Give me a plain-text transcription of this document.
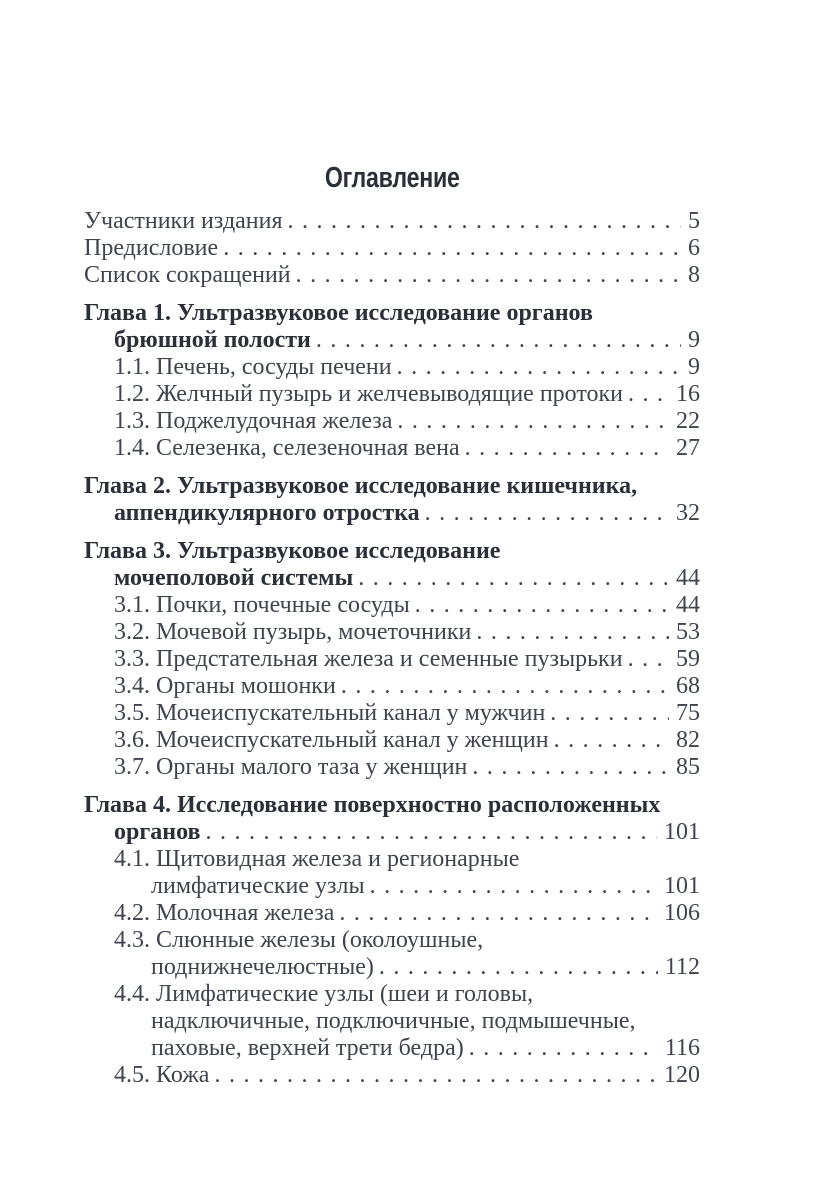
Оглавление
Участники издания . . .	5
Предисловие . . .	6
Список сокращений . . .	8
Глава 1. Ультразвуковое исследование органов
брюшной полости . . .	9
1.1. Печень, сосуды печени . . .	9
1.2. Желчный пузырь и желчевыводящие протоки . . . 16
1.3. Поджелудочная железа . . .	22
1.4. Селезенка, селезеночная вена . . .	27
Глава 2. Ультразвуковое исследование кишечника,
аппендикулярного отростка . . .	32
Глава 3. Ультразвуковое исследование
мочеполовой системы . . .	44
3.1. Почки, почечные сосуды . . .	44
3.2. Мочевой пузырь, мочеточники . . .	53
3.3. Предстательная железа и семенные пузырьки . . . 59
3.4. Органы мошонки . . .	68
3.5. Мочеиспускательный канал у мужчин . . .	75
3.6. Мочеиспускательный канал у женщин . . .	82
3.7. Органы малого таза у женщин . . .	85
Глава 4. Исследование поверхностно расположенных
органов . . .	101
4.1. Щитовидная железа и регионарные
лимфатические узлы . . .	101
4.2. Молочная железа . . .	106
4.3. Слюнные железы (околоушные,
поднижнечелюстные) . . .	112
4.4. Лимфатические узлы (шеи и головы,
надключичные, подключичные, подмышечные,
паховые, верхней трети бедра) . . .	116
4.5. Кожа . . .	120
